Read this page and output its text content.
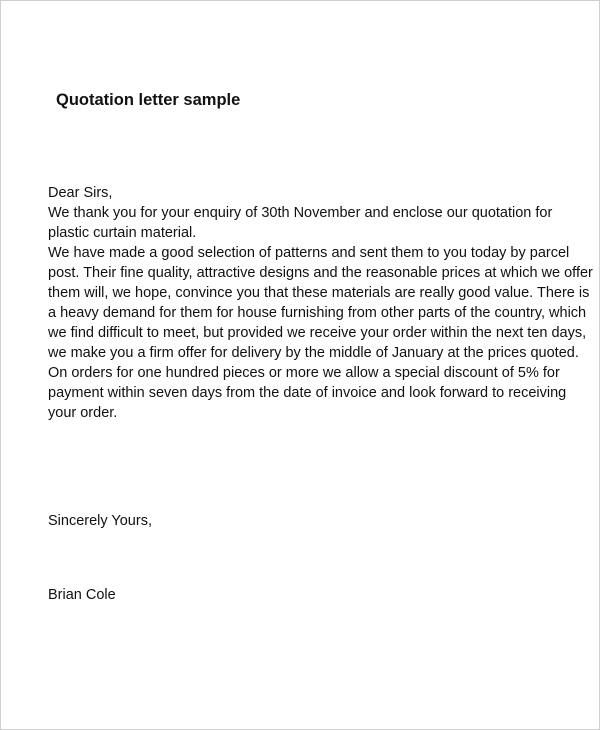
Quotation letter sample

Dear Sirs,

We thank you for your enquiry of 30th November and enclose our quotation for
plastic curtain material.

We have made a good selection of patterns and sent them to you today by parcel
post. Their fine quality, attractive designs and the reasonable prices at which we offer
them will, we hope, convince you that these materials are really good value. There is
a heavy demand for them for house furnishing from other parts of the country, which
we find difficult to meet, but provided we receive your order within the next ten days,
we make you a firm offer for delivery by the middle of January at the prices quoted.

On orders for one hundred pieces or more we allow a special discount of 5% for
payment within seven days from the date of invoice and look forward to receiving
your order.

Sincerely Yours,
Brian Cole
